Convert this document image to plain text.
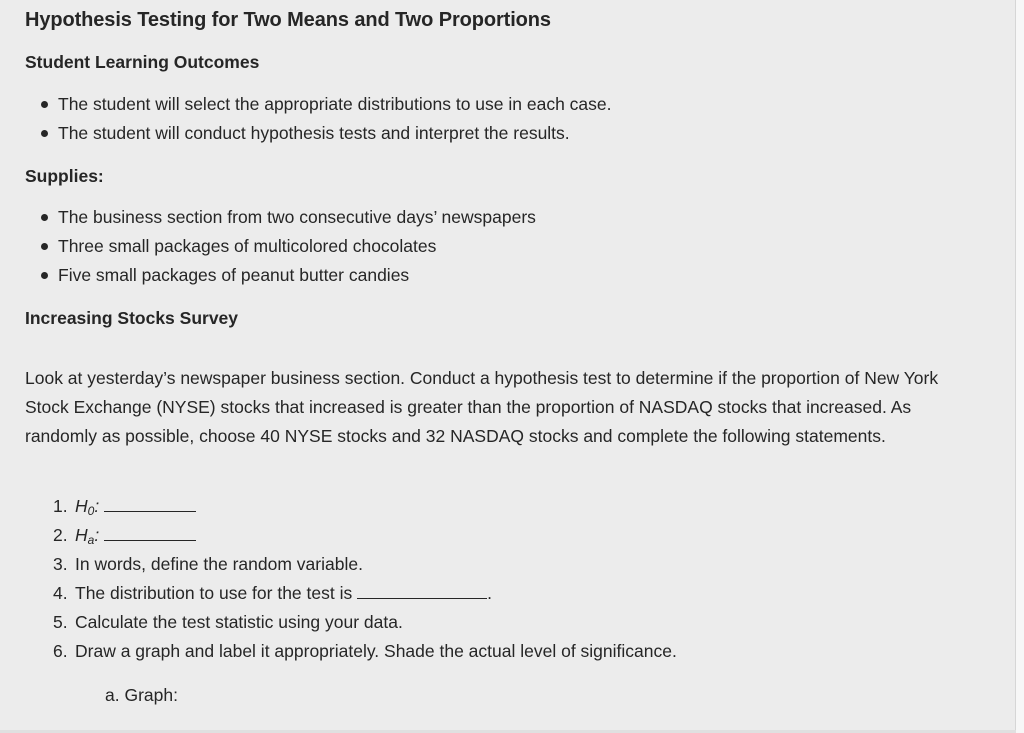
Hypothesis Testing for Two Means and Two Proportions
Student Learning Outcomes
The student will select the appropriate distributions to use in each case.
The student will conduct hypothesis tests and interpret the results.
Supplies:
The business section from two consecutive days’ newspapers
Three small packages of multicolored chocolates
Five small packages of peanut butter candies
Increasing Stocks Survey

Look at yesterday’s newspaper business section. Conduct a hypothesis test to determine if the proportion of New York Stock Exchange (NYSE) stocks that increased is greater than the proportion of NASDAQ stocks that increased. As randomly as possible, choose 40 NYSE stocks and 32 NASDAQ stocks and complete the following statements.

1. $H_0$:
2. $H_a$:
3. In words, define the random variable.
4. The distribution to use for the test is	.
5. Calculate the test statistic using your data.
6. Draw a graph and label it appropriately. Shade the actual level of significance.
a. Graph:
